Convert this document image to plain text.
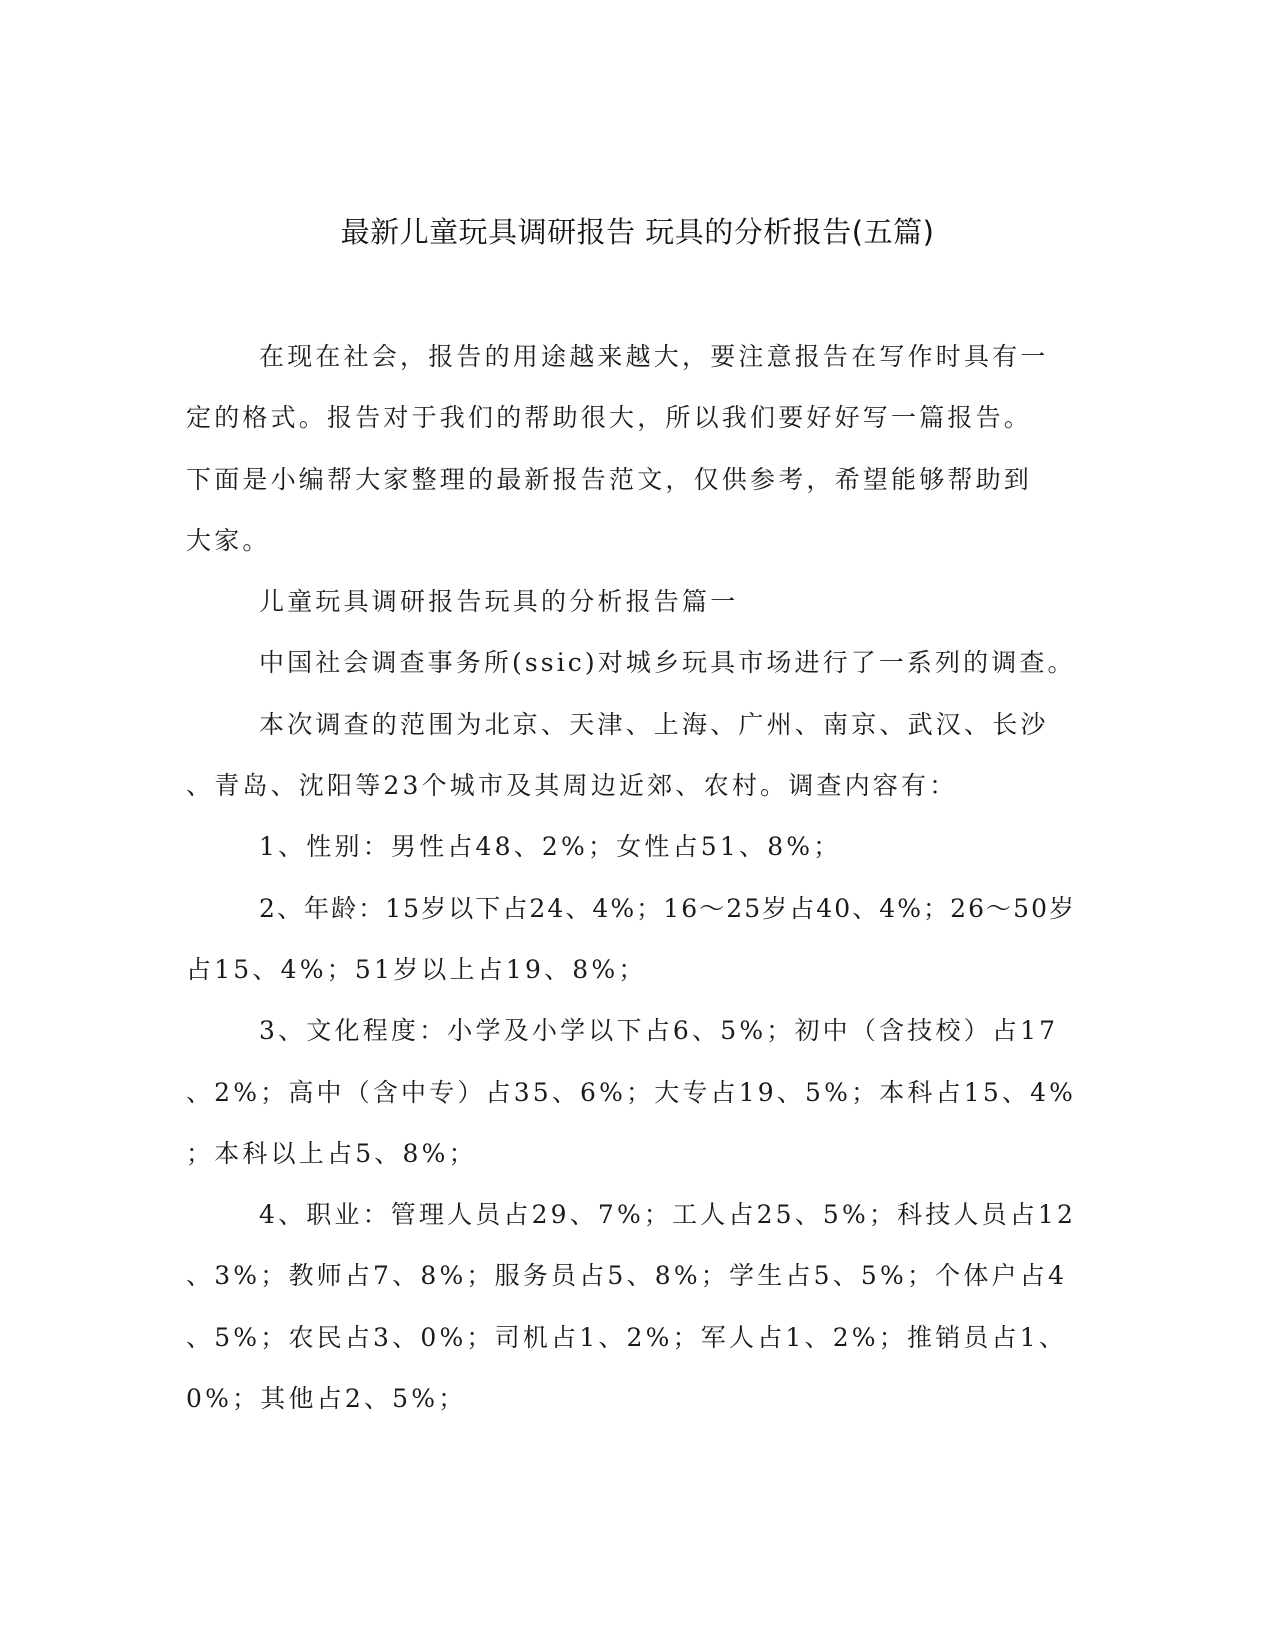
最新儿童玩具调研报告 玩具的分析报告(五篇)
在现在社会，报告的用途越来越大，要注意报告在写作时具有一
定的格式。报告对于我们的帮助很大，所以我们要好好写一篇报告。
下面是小编帮大家整理的最新报告范文，仅供参考，希望能够帮助到
大家。
儿童玩具调研报告玩具的分析报告篇一
中国社会调查事务所(ssic)对城乡玩具市场进行了一系列的调查。
本次调查的范围为北京、天津、上海、广州、南京、武汉、长沙
、青岛、沈阳等23个城市及其周边近郊、农村。调查内容有：
1、性别：男性占48、2%；女性占51、8%；
2、年龄：15岁以下占24、4%；16～25岁占40、4%；26～50岁
占15、4%；51岁以上占19、8%；
3、文化程度：小学及小学以下占6、5%；初中（含技校）占17
、2%；高中（含中专）占35、6%；大专占19、5%；本科占15、4%
；本科以上占5、8%；
4、职业：管理人员占29、7%；工人占25、5%；科技人员占12
、3%；教师占7、8%；服务员占5、8%；学生占5、5%；个体户占4
、5%；农民占3、0%；司机占1、2%；军人占1、2%；推销员占1、
0%；其他占2、5%；
